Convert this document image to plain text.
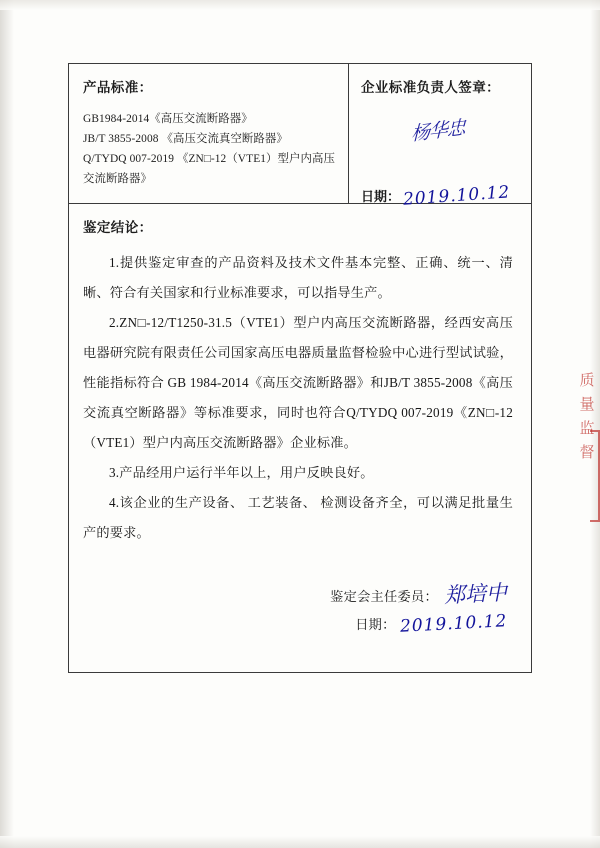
产品标准：
GB1984-2014《高压交流断路器》
JB/T 3855-2008 《高压交流真空断路器》
Q/TYDQ 007-2019 《ZN□-12（VTE1）型户内高压交流断路器》
企业标准负责人签章：
杨华忠
日期： 2019.10.12
鉴定结论：

1.提供鉴定审查的产品资料及技术文件基本完整、正确、统一、清晰、符合有关国家和行业标准要求，可以指导生产。

2.ZN□-12/T1250-31.5（VTE1）型户内高压交流断路器，经西安高压电器研究院有限责任公司国家高压电器质量监督检验中心进行型试试验，性能指标符合 GB 1984-2014《高压交流断路器》和JB/T 3855-2008《高压交流真空断路器》等标准要求，同时也符合Q/TYDQ 007-2019《ZN□-12（VTE1）型户内高压交流断路器》企业标准。

3.产品经用户运行半年以上，用户反映良好。

4.该企业的生产设备、 工艺装备、 检测设备齐全，可以满足批量生产的要求。

鉴定会主任委员： 郑培中
日期： 2019.10.12
质量监督
